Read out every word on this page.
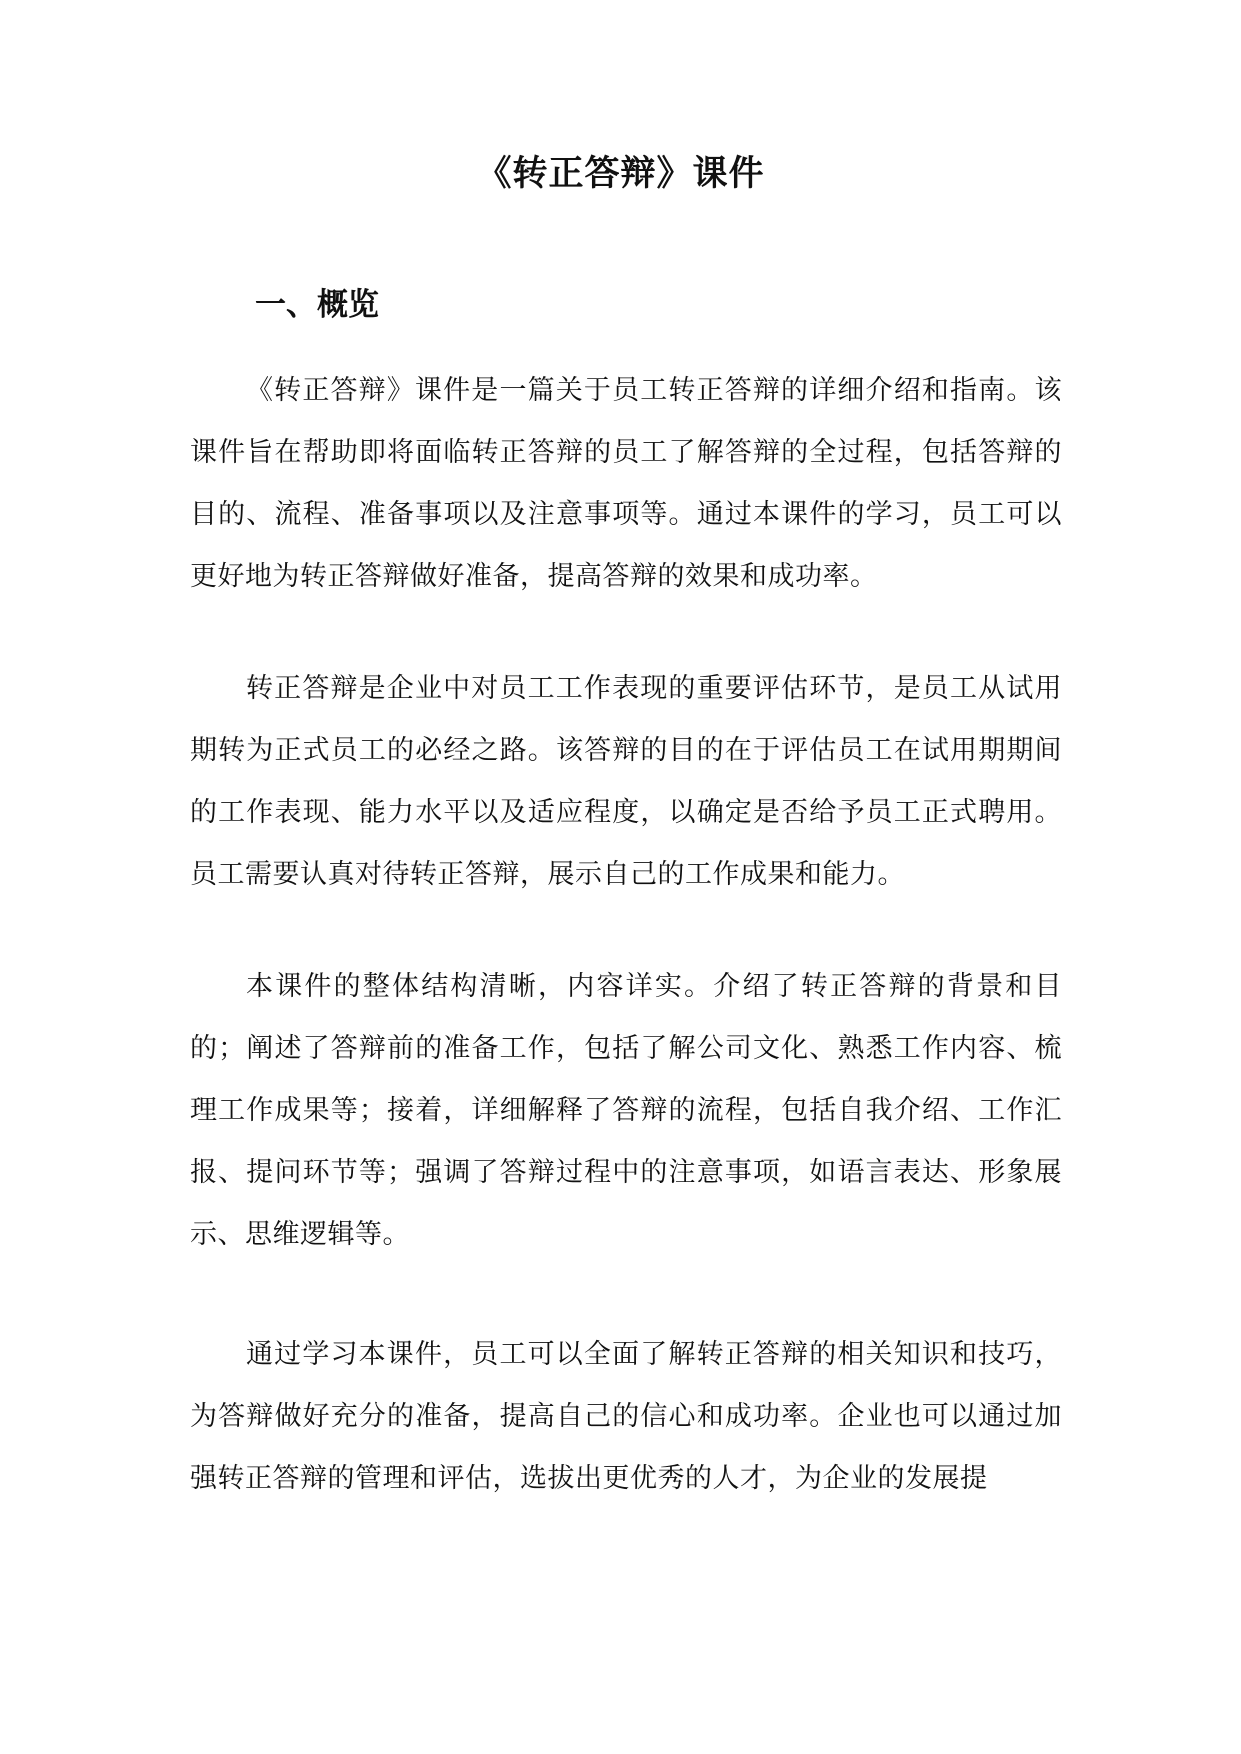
《转正答辩》课件
一、概览

《转正答辩》课件是一篇关于员工转正答辩的详细介绍和指南。该课件旨在帮助即将面临转正答辩的员工了解答辩的全过程，包括答辩的目的、流程、准备事项以及注意事项等。通过本课件的学习，员工可以更好地为转正答辩做好准备，提高答辩的效果和成功率。

转正答辩是企业中对员工工作表现的重要评估环节，是员工从试用期转为正式员工的必经之路。该答辩的目的在于评估员工在试用期期间的工作表现、能力水平以及适应程度，以确定是否给予员工正式聘用。员工需要认真对待转正答辩，展示自己的工作成果和能力。

本课件的整体结构清晰，内容详实。介绍了转正答辩的背景和目的；阐述了答辩前的准备工作，包括了解公司文化、熟悉工作内容、梳理工作成果等；接着，详细解释了答辩的流程，包括自我介绍、工作汇报、提问环节等；强调了答辩过程中的注意事项，如语言表达、形象展示、思维逻辑等。

通过学习本课件，员工可以全面了解转正答辩的相关知识和技巧，为答辩做好充分的准备，提高自己的信心和成功率。企业也可以通过加强转正答辩的管理和评估，选拔出更优秀的人才，为企业的发展提
